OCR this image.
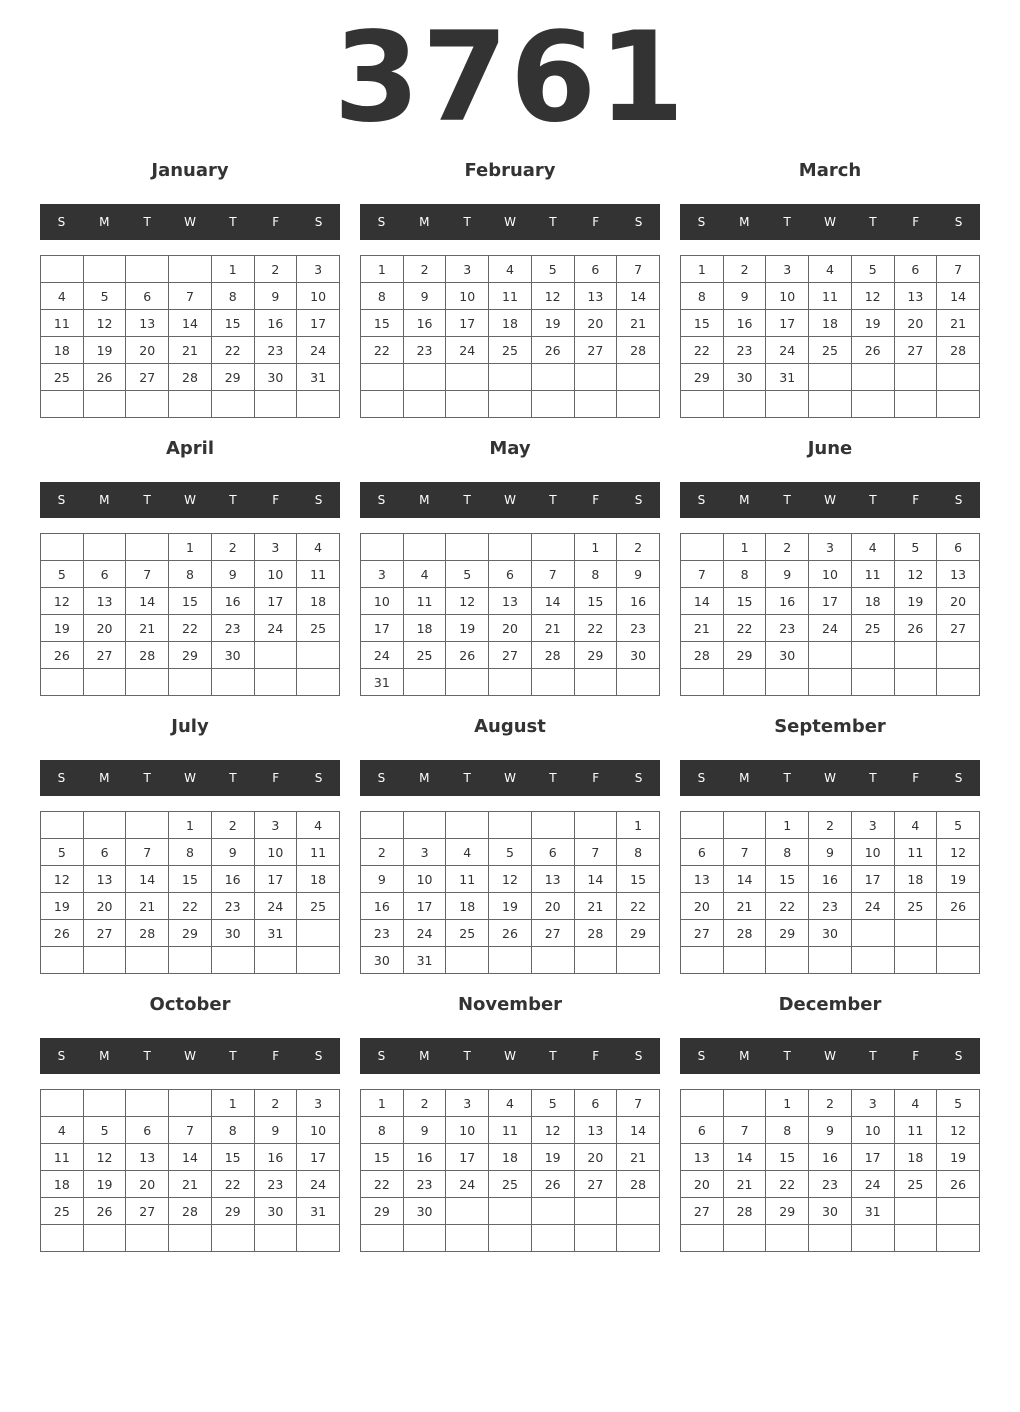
3761
January
S	M	T	W	T	F	S
				1	2	3
4	5	6	7	8	9	10
11	12	13	14	15	16	17
18	19	20	21	22	23	24
25	26	27	28	29	30	31

February
S	M	T	W	T	F	S
1	2	3	4	5	6	7
8	9	10	11	12	13	14
15	16	17	18	19	20	21
22	23	24	25	26	27	28

March
S	M	T	W	T	F	S
1	2	3	4	5	6	7
8	9	10	11	12	13	14
15	16	17	18	19	20	21
22	23	24	25	26	27	28
29	30	31				

April
S	M	T	W	T	F	S
			1	2	3	4
5	6	7	8	9	10	11
12	13	14	15	16	17	18
19	20	21	22	23	24	25
26	27	28	29	30		

May
S	M	T	W	T	F	S
					1	2
3	4	5	6	7	8	9
10	11	12	13	14	15	16
17	18	19	20	21	22	23
24	25	26	27	28	29	30
31						
June
S	M	T	W	T	F	S
	1	2	3	4	5	6
7	8	9	10	11	12	13
14	15	16	17	18	19	20
21	22	23	24	25	26	27
28	29	30				

July
S	M	T	W	T	F	S
			1	2	3	4
5	6	7	8	9	10	11
12	13	14	15	16	17	18
19	20	21	22	23	24	25
26	27	28	29	30	31	

August
S	M	T	W	T	F	S
						1
2	3	4	5	6	7	8
9	10	11	12	13	14	15
16	17	18	19	20	21	22
23	24	25	26	27	28	29
30	31					
September
S	M	T	W	T	F	S
		1	2	3	4	5
6	7	8	9	10	11	12
13	14	15	16	17	18	19
20	21	22	23	24	25	26
27	28	29	30			

October
S	M	T	W	T	F	S
				1	2	3
4	5	6	7	8	9	10
11	12	13	14	15	16	17
18	19	20	21	22	23	24
25	26	27	28	29	30	31

November
S	M	T	W	T	F	S
1	2	3	4	5	6	7
8	9	10	11	12	13	14
15	16	17	18	19	20	21
22	23	24	25	26	27	28
29	30					

December
S	M	T	W	T	F	S
		1	2	3	4	5
6	7	8	9	10	11	12
13	14	15	16	17	18	19
20	21	22	23	24	25	26
27	28	29	30	31		
